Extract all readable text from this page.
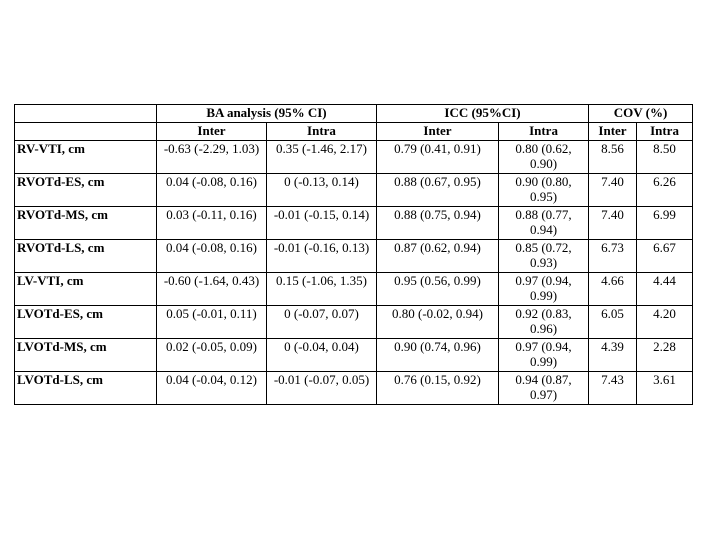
	BA analysis (95% CI)		ICC (95%CI)		COV (%)	
	Inter	Intra	Inter	Intra	Inter	Intra
RV-VTI, cm	-0.63 (-2.29, 1.03)	0.35 (-1.46, 2.17)	0.79 (0.41, 0.91)	0.80 (0.62, 0.90)	8.56	8.50
RVOTd-ES, cm	0.04 (-0.08, 0.16)	0 (-0.13, 0.14)	0.88 (0.67, 0.95)	0.90 (0.80, 0.95)	7.40	6.26
RVOTd-MS, cm	0.03 (-0.11, 0.16)	-0.01 (-0.15, 0.14)	0.88 (0.75, 0.94)	0.88 (0.77, 0.94)	7.40	6.99
RVOTd-LS, cm	0.04 (-0.08, 0.16)	-0.01 (-0.16, 0.13)	0.87 (0.62, 0.94)	0.85 (0.72, 0.93)	6.73	6.67
LV-VTI, cm	-0.60 (-1.64, 0.43)	0.15 (-1.06, 1.35)	0.95 (0.56, 0.99)	0.97 (0.94, 0.99)	4.66	4.44
LVOTd-ES, cm	0.05 (-0.01, 0.11)	0 (-0.07, 0.07)	0.80 (-0.02, 0.94)	0.92 (0.83, 0.96)	6.05	4.20
LVOTd-MS, cm	0.02 (-0.05, 0.09)	0 (-0.04, 0.04)	0.90 (0.74, 0.96)	0.97 (0.94, 0.99)	4.39	2.28
LVOTd-LS, cm	0.04 (-0.04, 0.12)	-0.01 (-0.07, 0.05)	0.76 (0.15, 0.92)	0.94 (0.87, 0.97)	7.43	3.61
